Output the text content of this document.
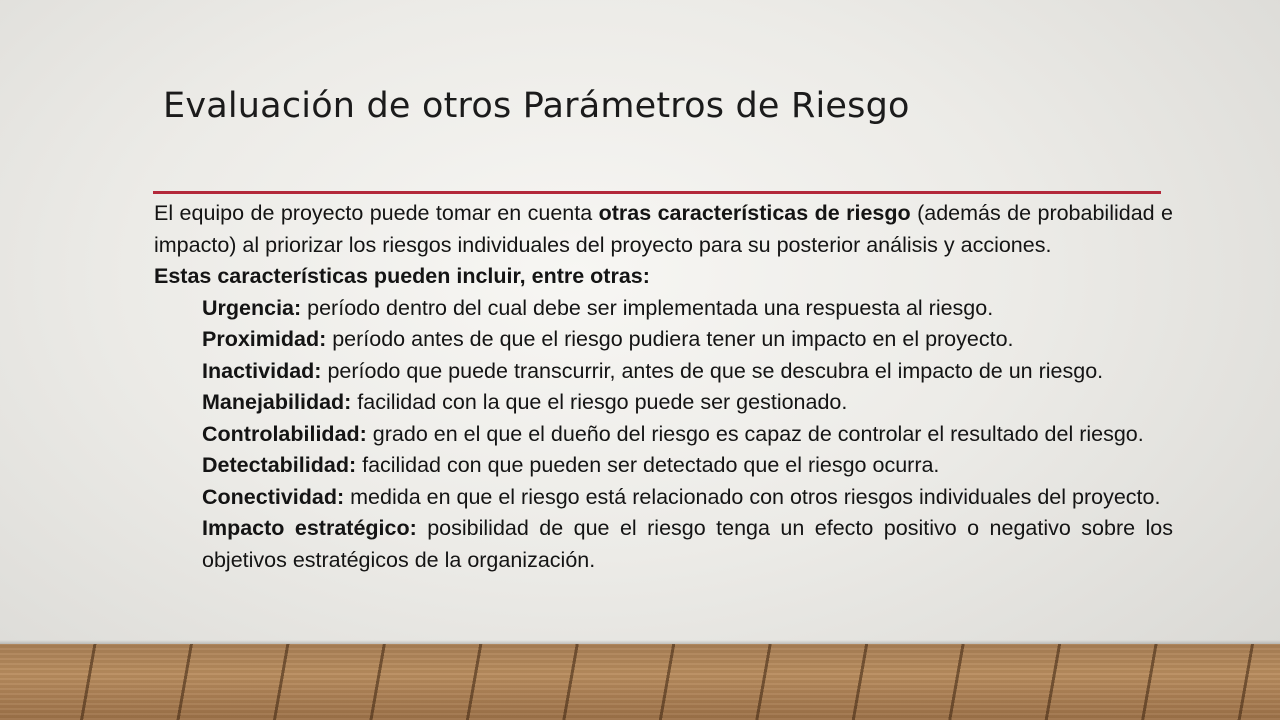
Evaluación de otros Parámetros de Riesgo

El equipo de proyecto puede tomar en cuenta otras características de riesgo (además de probabilidad e impacto) al priorizar los riesgos individuales del proyecto para su posterior análisis y acciones.

Estas características pueden incluir, entre otras:

Urgencia: período dentro del cual debe ser implementada una respuesta al riesgo.
Proximidad: período antes de que el riesgo pudiera tener un impacto en el proyecto.
Inactividad: período que puede transcurrir, antes de que se descubra el impacto de un riesgo.
Manejabilidad: facilidad con la que el riesgo puede ser gestionado.
Controlabilidad: grado en el que el dueño del riesgo es capaz de controlar el resultado del riesgo.
Detectabilidad: facilidad con que pueden ser detectado que el riesgo ocurra.
Conectividad: medida en que el riesgo está relacionado con otros riesgos individuales del proyecto.
Impacto estratégico: posibilidad de que el riesgo tenga un efecto positivo o negativo sobre los objetivos estratégicos de la organización.
